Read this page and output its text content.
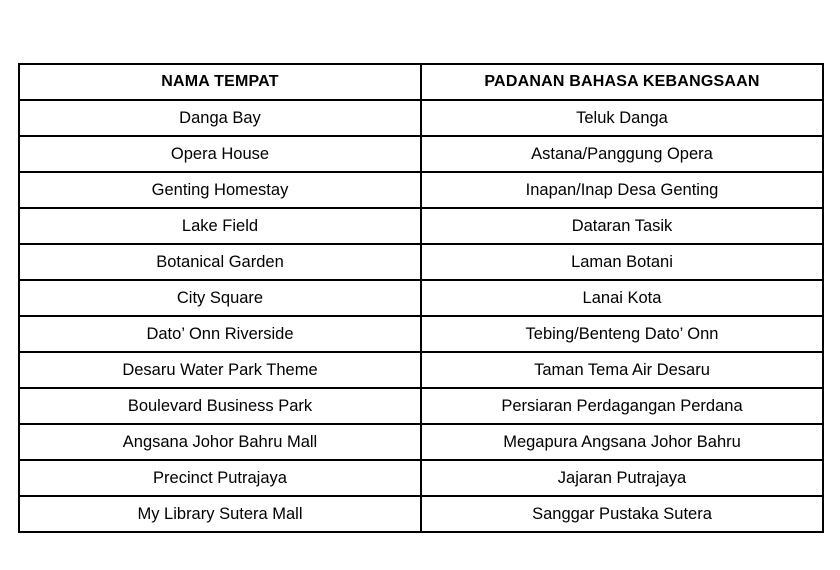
NAMA TEMPAT	PADANAN BAHASA KEBANGSAAN
Danga Bay	Teluk Danga
Opera House	Astana/Panggung Opera
Genting Homestay	Inapan/Inap Desa Genting
Lake Field	Dataran Tasik
Botanical Garden	Laman Botani
City Square	Lanai Kota
Dato’ Onn Riverside	Tebing/Benteng Dato’ Onn
Desaru Water Park Theme	Taman Tema Air Desaru
Boulevard Business Park	Persiaran Perdagangan Perdana
Angsana Johor Bahru Mall	Megapura Angsana Johor Bahru
Precinct Putrajaya	Jajaran Putrajaya
My Library Sutera Mall	Sanggar Pustaka Sutera
